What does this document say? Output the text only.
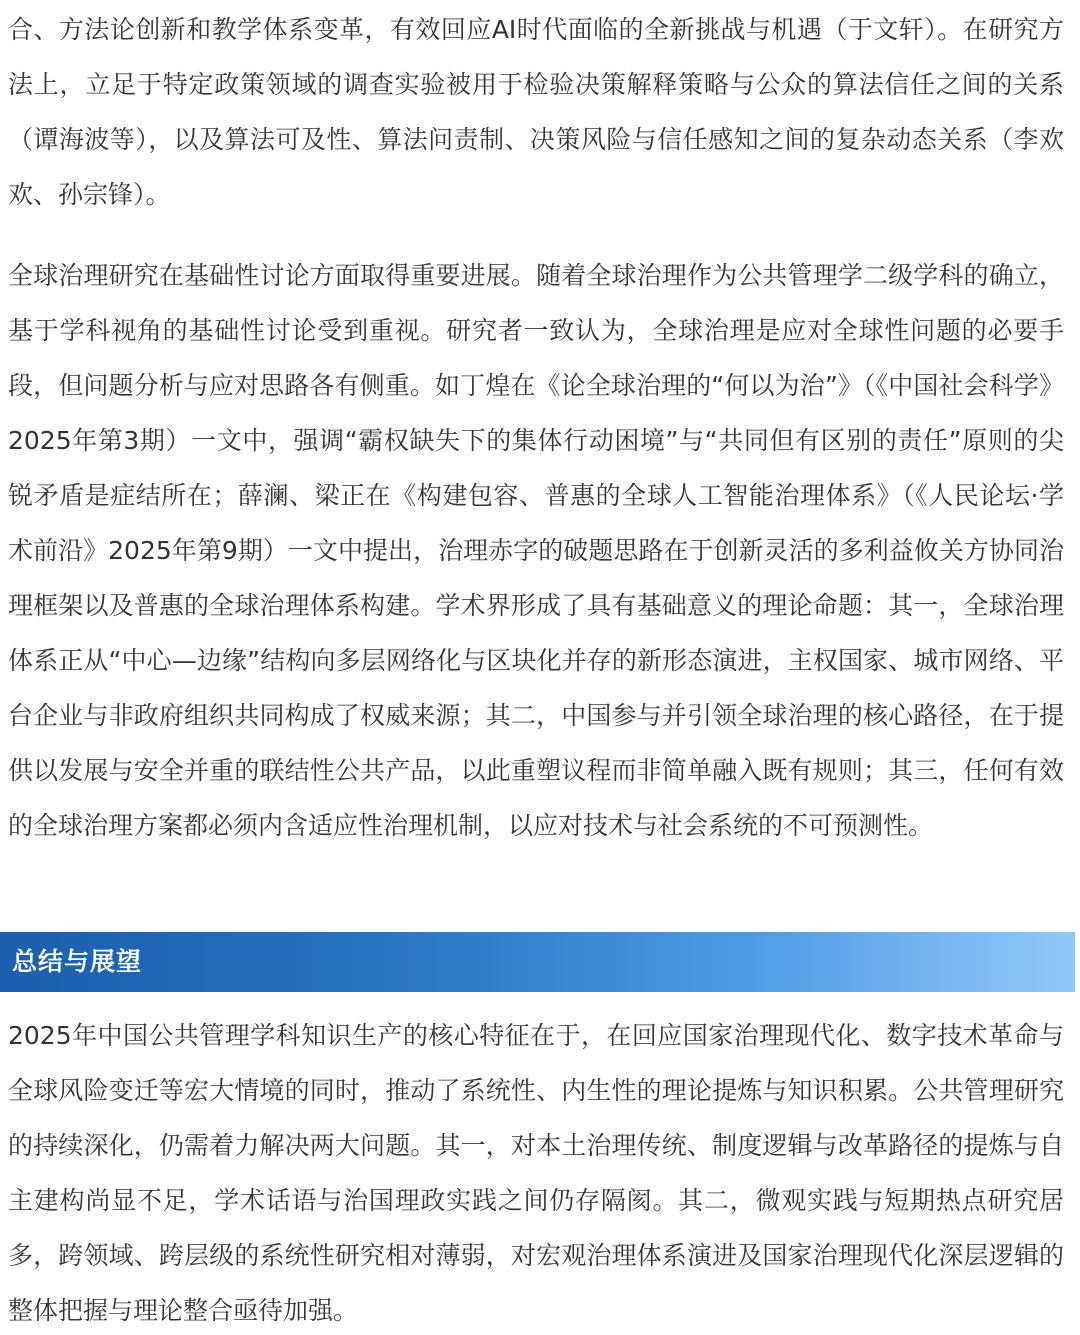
合、方法论创新和教学体系变革，有效回应AI时代面临的全新挑战与机遇（于文轩）。在研究方法上，立足于特定政策领域的调查实验被用于检验决策解释策略与公众的算法信任之间的关系（谭海波等），以及算法可及性、算法问责制、决策风险与信任感知之间的复杂动态关系（李欢欢、孙宗锋）。

全球治理研究在基础性讨论方面取得重要进展。随着全球治理作为公共管理学二级学科的确立，基于学科视角的基础性讨论受到重视。研究者一致认为，全球治理是应对全球性问题的必要手段，但问题分析与应对思路各有侧重。如丁煌在《论全球治理的“何以为治”》（《中国社会科学》2025年第3期）一文中，强调“霸权缺失下的集体行动困境”与“共同但有区别的责任”原则的尖锐矛盾是症结所在；薛澜、梁正在《构建包容、普惠的全球人工智能治理体系》（《人民论坛·学术前沿》2025年第9期）一文中提出，治理赤字的破题思路在于创新灵活的多利益攸关方协同治理框架以及普惠的全球治理体系构建。学术界形成了具有基础意义的理论命题：其一，全球治理体系正从“中心—边缘”结构向多层网络化与区块化并存的新形态演进，主权国家、城市网络、平台企业与非政府组织共同构成了权威来源；其二，中国参与并引领全球治理的核心路径，在于提供以发展与安全并重的联结性公共产品，以此重塑议程而非简单融入既有规则；其三，任何有效的全球治理方案都必须内含适应性治理机制，以应对技术与社会系统的不可预测性。

总结与展望

2025年中国公共管理学科知识生产的核心特征在于，在回应国家治理现代化、数字技术革命与全球风险变迁等宏大情境的同时，推动了系统性、内生性的理论提炼与知识积累。公共管理研究的持续深化，仍需着力解决两大问题。其一，对本土治理传统、制度逻辑与改革路径的提炼与自主建构尚显不足，学术话语与治国理政实践之间仍存隔阂。其二，微观实践与短期热点研究居多，跨领域、跨层级的系统性研究相对薄弱，对宏观治理体系演进及国家治理现代化深层逻辑的整体把握与理论整合亟待加强。
